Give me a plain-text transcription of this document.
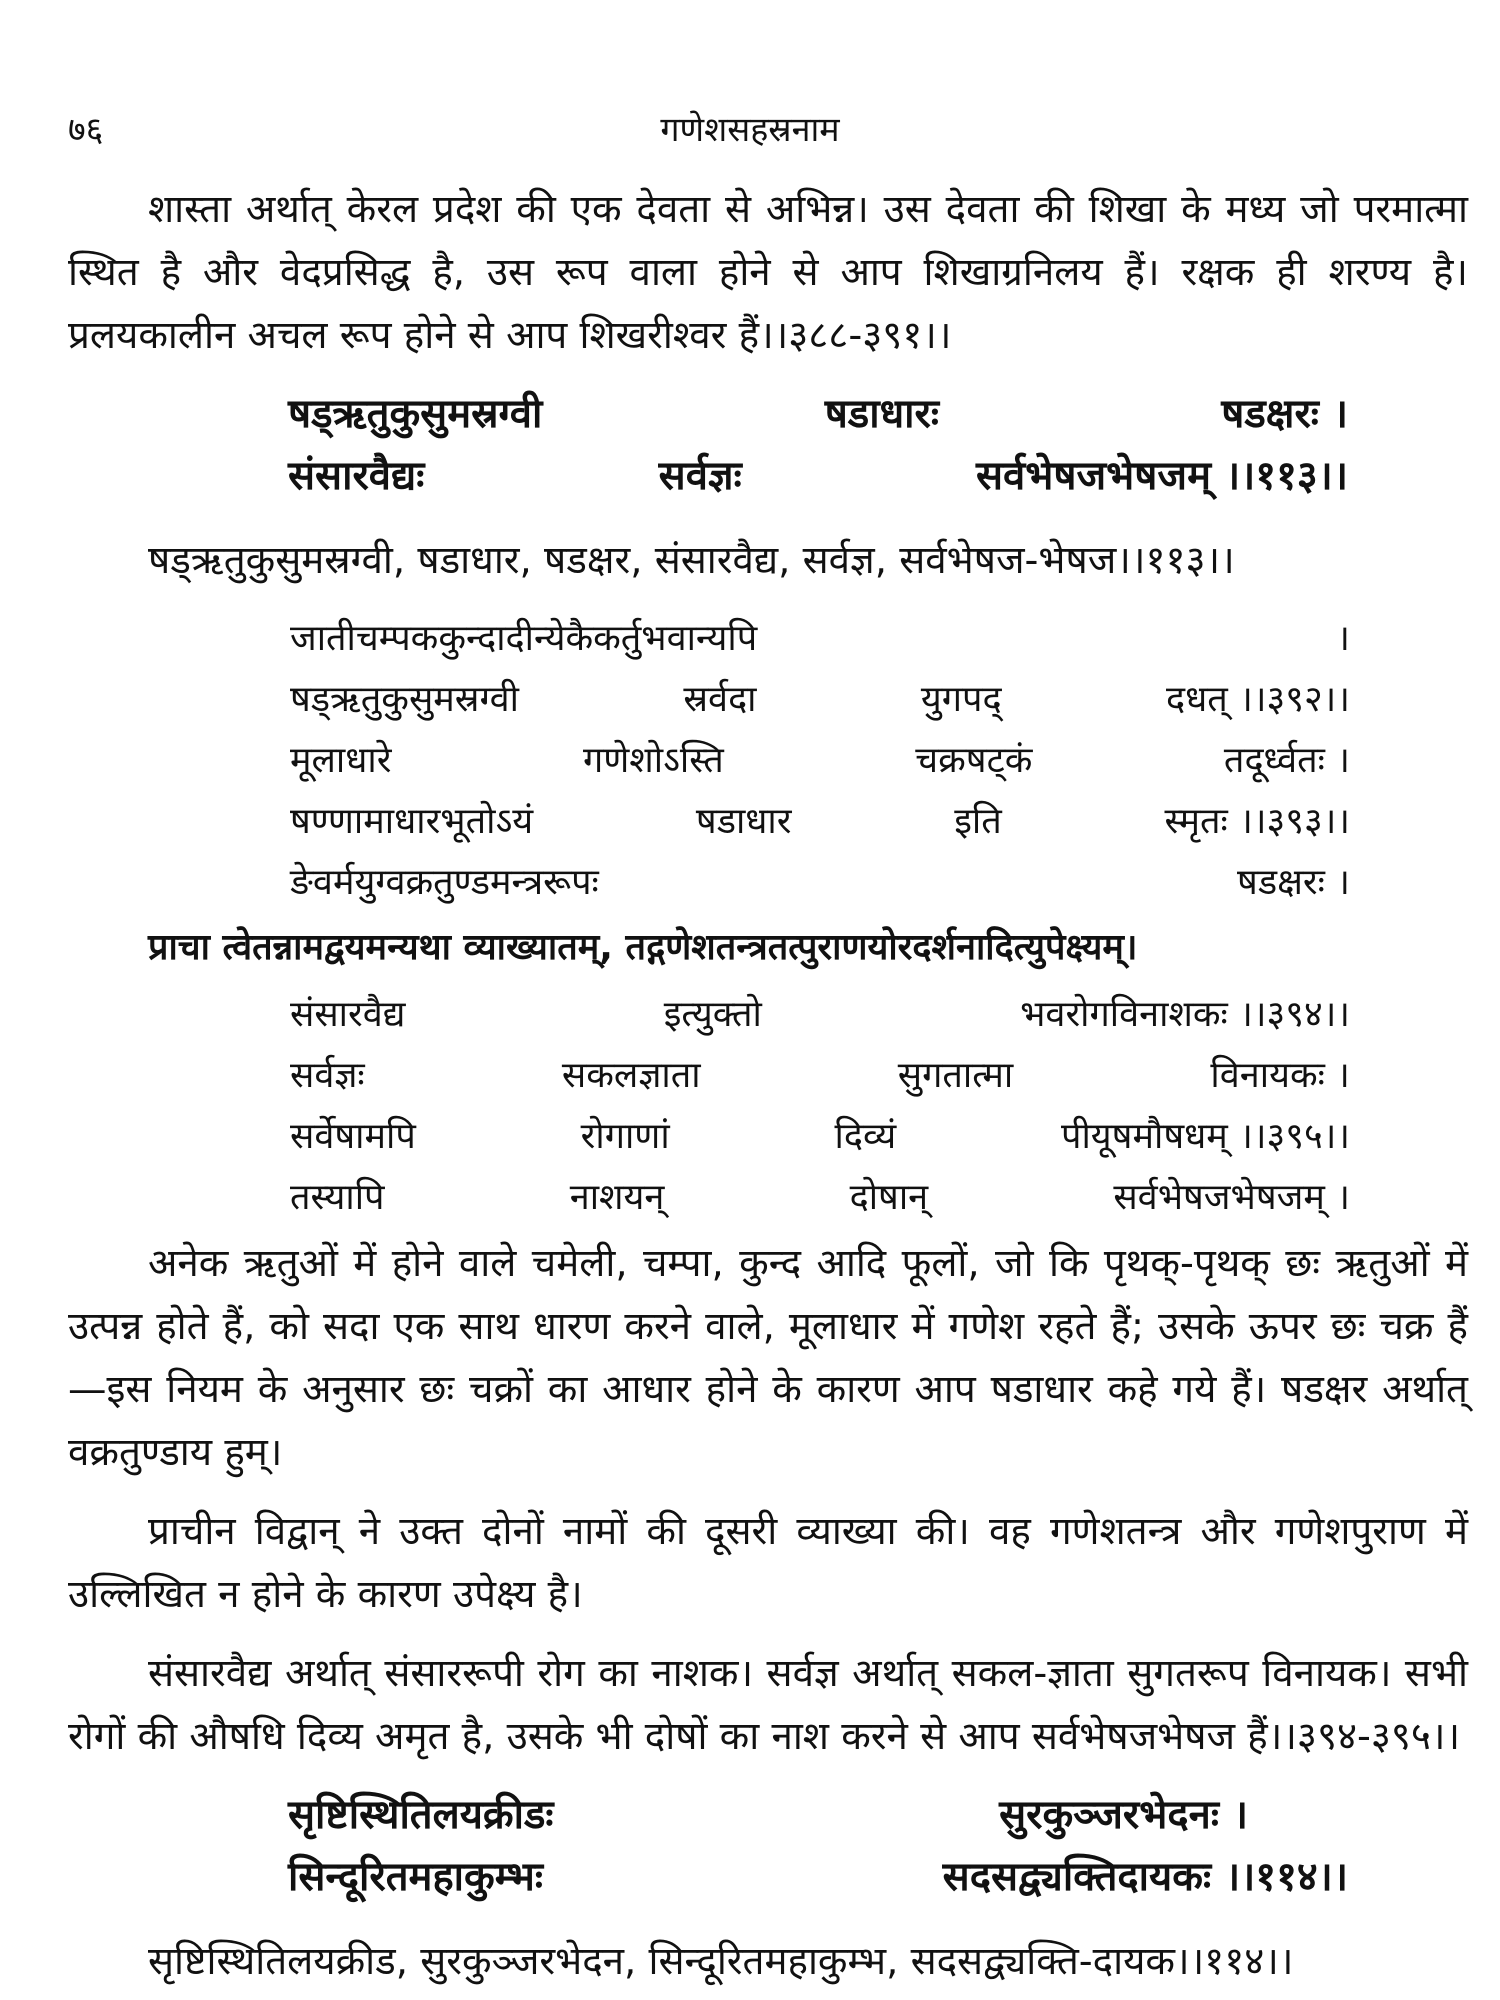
७६	गणेशसहस्रनाम

शास्ता अर्थात् केरल प्रदेश की एक देवता से अभिन्न। उस देवता की शिखा के मध्य जो परमात्मा स्थित है और वेदप्रसिद्ध है, उस रूप वाला होने से आप शिखाग्रनिलय हैं। रक्षक ही शरण्य है। प्रलयकालीन अचल रूप होने से आप शिखरीश्वर हैं।।३८८-३९१।।

षड्ऋतुकुसुमस्रग्वी	षडाधारः	षडक्षरः ।
संसारवैद्यः	सर्वज्ञः	सर्वभेषजभेषजम् ।।११३।।

षड्ऋतुकुसुमस्रग्वी, षडाधार, षडक्षर, संसारवैद्य, सर्वज्ञ, सर्वभेषज-भेषज।।११३।।

जातीचम्पककुन्दादीन्येकैकर्तुभवान्यपि	।
षड्ऋतुकुसुमस्रग्वी	स्रर्वदा	युगपद्	दधत् ।।३९२।।
मूलाधारे	गणेशोऽस्ति	चक्रषट्कं	तदूर्ध्वतः ।
षण्णामाधारभूतोऽयं	षडाधार	इति	स्मृतः ।।३९३।।
ङेवर्मयुग्वक्रतुण्डमन्त्ररूपः	षडक्षरः ।
प्राचा त्वेतन्नामद्वयमन्यथा व्याख्यातम्, तद्गणेशतन्त्रतत्पुराणयोरदर्शनादित्युपेक्ष्यम्।
संसारवैद्य	इत्युक्तो	भवरोगविनाशकः ।।३९४।।
सर्वज्ञः	सकलज्ञाता	सुगतात्मा	विनायकः ।
सर्वेषामपि	रोगाणां	दिव्यं	पीयूषमौषधम् ।।३९५।।
तस्यापि	नाशयन्	दोषान्	सर्वभेषजभेषजम् ।

अनेक ऋतुओं में होने वाले चमेली, चम्पा, कुन्द आदि फूलों, जो कि पृथक्-पृथक् छः ऋतुओं में उत्पन्न होते हैं, को सदा एक साथ धारण करने वाले, मूलाधार में गणेश रहते हैं; उसके ऊपर छः चक्र हैं—इस नियम के अनुसार छः चक्रों का आधार होने के कारण आप षडाधार कहे गये हैं। षडक्षर अर्थात् वक्रतुण्डाय हुम्।

प्राचीन विद्वान् ने उक्त दोनों नामों की दूसरी व्याख्या की। वह गणेशतन्त्र और गणेशपुराण में उल्लिखित न होने के कारण उपेक्ष्य है।

संसारवैद्य अर्थात् संसाररूपी रोग का नाशक। सर्वज्ञ अर्थात् सकल-ज्ञाता सुगतरूप विनायक। सभी रोगों की औषधि दिव्य अमृत है, उसके भी दोषों का नाश करने से आप सर्वभेषजभेषज हैं।।३९४-३९५।।

सृष्टिस्थितिलयक्रीडः	सुरकुञ्जरभेदनः ।
सिन्दूरितमहाकुम्भः	सदसद्व्यक्तिदायकः ।।११४।।

सृष्टिस्थितिलयक्रीड, सुरकुञ्जरभेदन, सिन्दूरितमहाकुम्भ, सदसद्व्यक्ति-दायक।।११४।।
